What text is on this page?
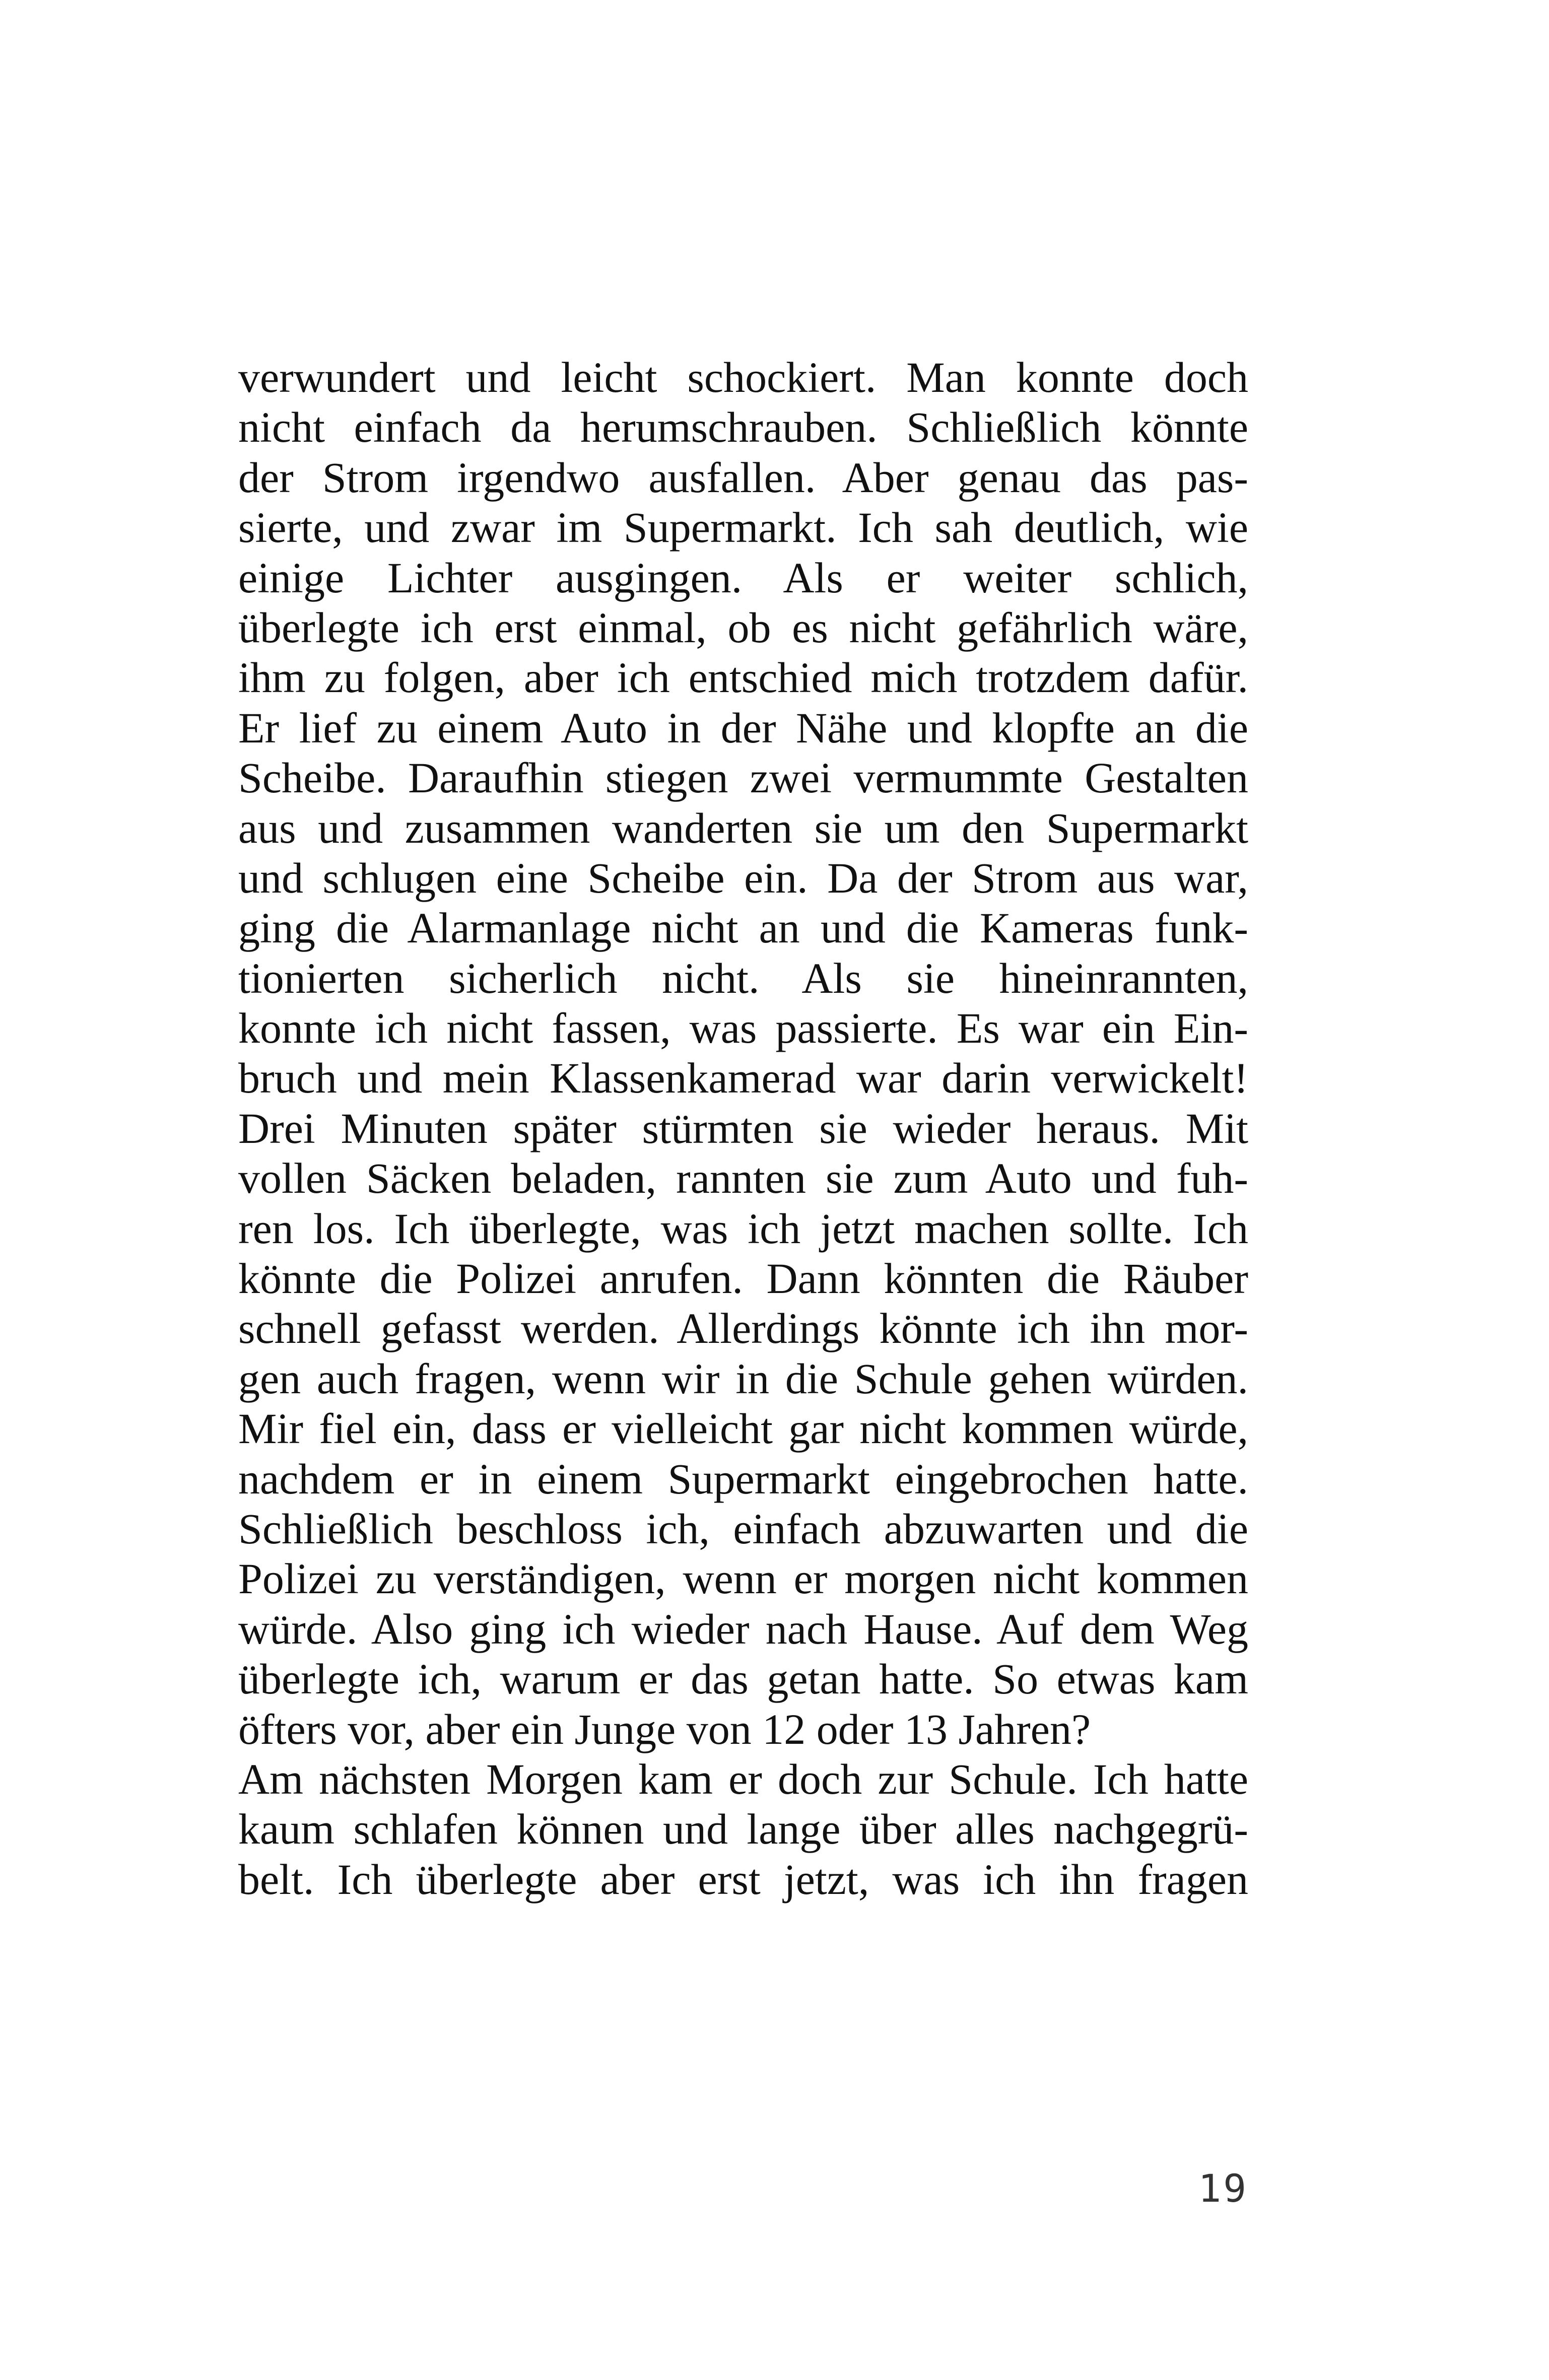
verwundert und leicht schockiert. Man konnte doch
nicht einfach da herumschrauben. Schließlich könnte
der Strom irgendwo ausfallen. Aber genau das pas-
sierte, und zwar im Supermarkt. Ich sah deutlich, wie
einige Lichter ausgingen. Als er weiter schlich,
überlegte ich erst einmal, ob es nicht gefährlich wäre,
ihm zu folgen, aber ich entschied mich trotzdem dafür.
Er lief zu einem Auto in der Nähe und klopfte an die
Scheibe. Daraufhin stiegen zwei vermummte Gestalten
aus und zusammen wanderten sie um den Supermarkt
und schlugen eine Scheibe ein. Da der Strom aus war,
ging die Alarmanlage nicht an und die Kameras funk-
tionierten sicherlich nicht. Als sie hineinrannten,
konnte ich nicht fassen, was passierte. Es war ein Ein-
bruch und mein Klassenkamerad war darin verwickelt!
Drei Minuten später stürmten sie wieder heraus. Mit
vollen Säcken beladen, rannten sie zum Auto und fuh-
ren los. Ich überlegte, was ich jetzt machen sollte. Ich
könnte die Polizei anrufen. Dann könnten die Räuber
schnell gefasst werden. Allerdings könnte ich ihn mor-
gen auch fragen, wenn wir in die Schule gehen würden.
Mir fiel ein, dass er vielleicht gar nicht kommen würde,
nachdem er in einem Supermarkt eingebrochen hatte.
Schließlich beschloss ich, einfach abzuwarten und die
Polizei zu verständigen, wenn er morgen nicht kommen
würde. Also ging ich wieder nach Hause. Auf dem Weg
überlegte ich, warum er das getan hatte. So etwas kam
öfters vor, aber ein Junge von 12 oder 13 Jahren?
Am nächsten Morgen kam er doch zur Schule. Ich hatte
kaum schlafen können und lange über alles nachgegrü-
belt. Ich überlegte aber erst jetzt, was ich ihn fragen
19
